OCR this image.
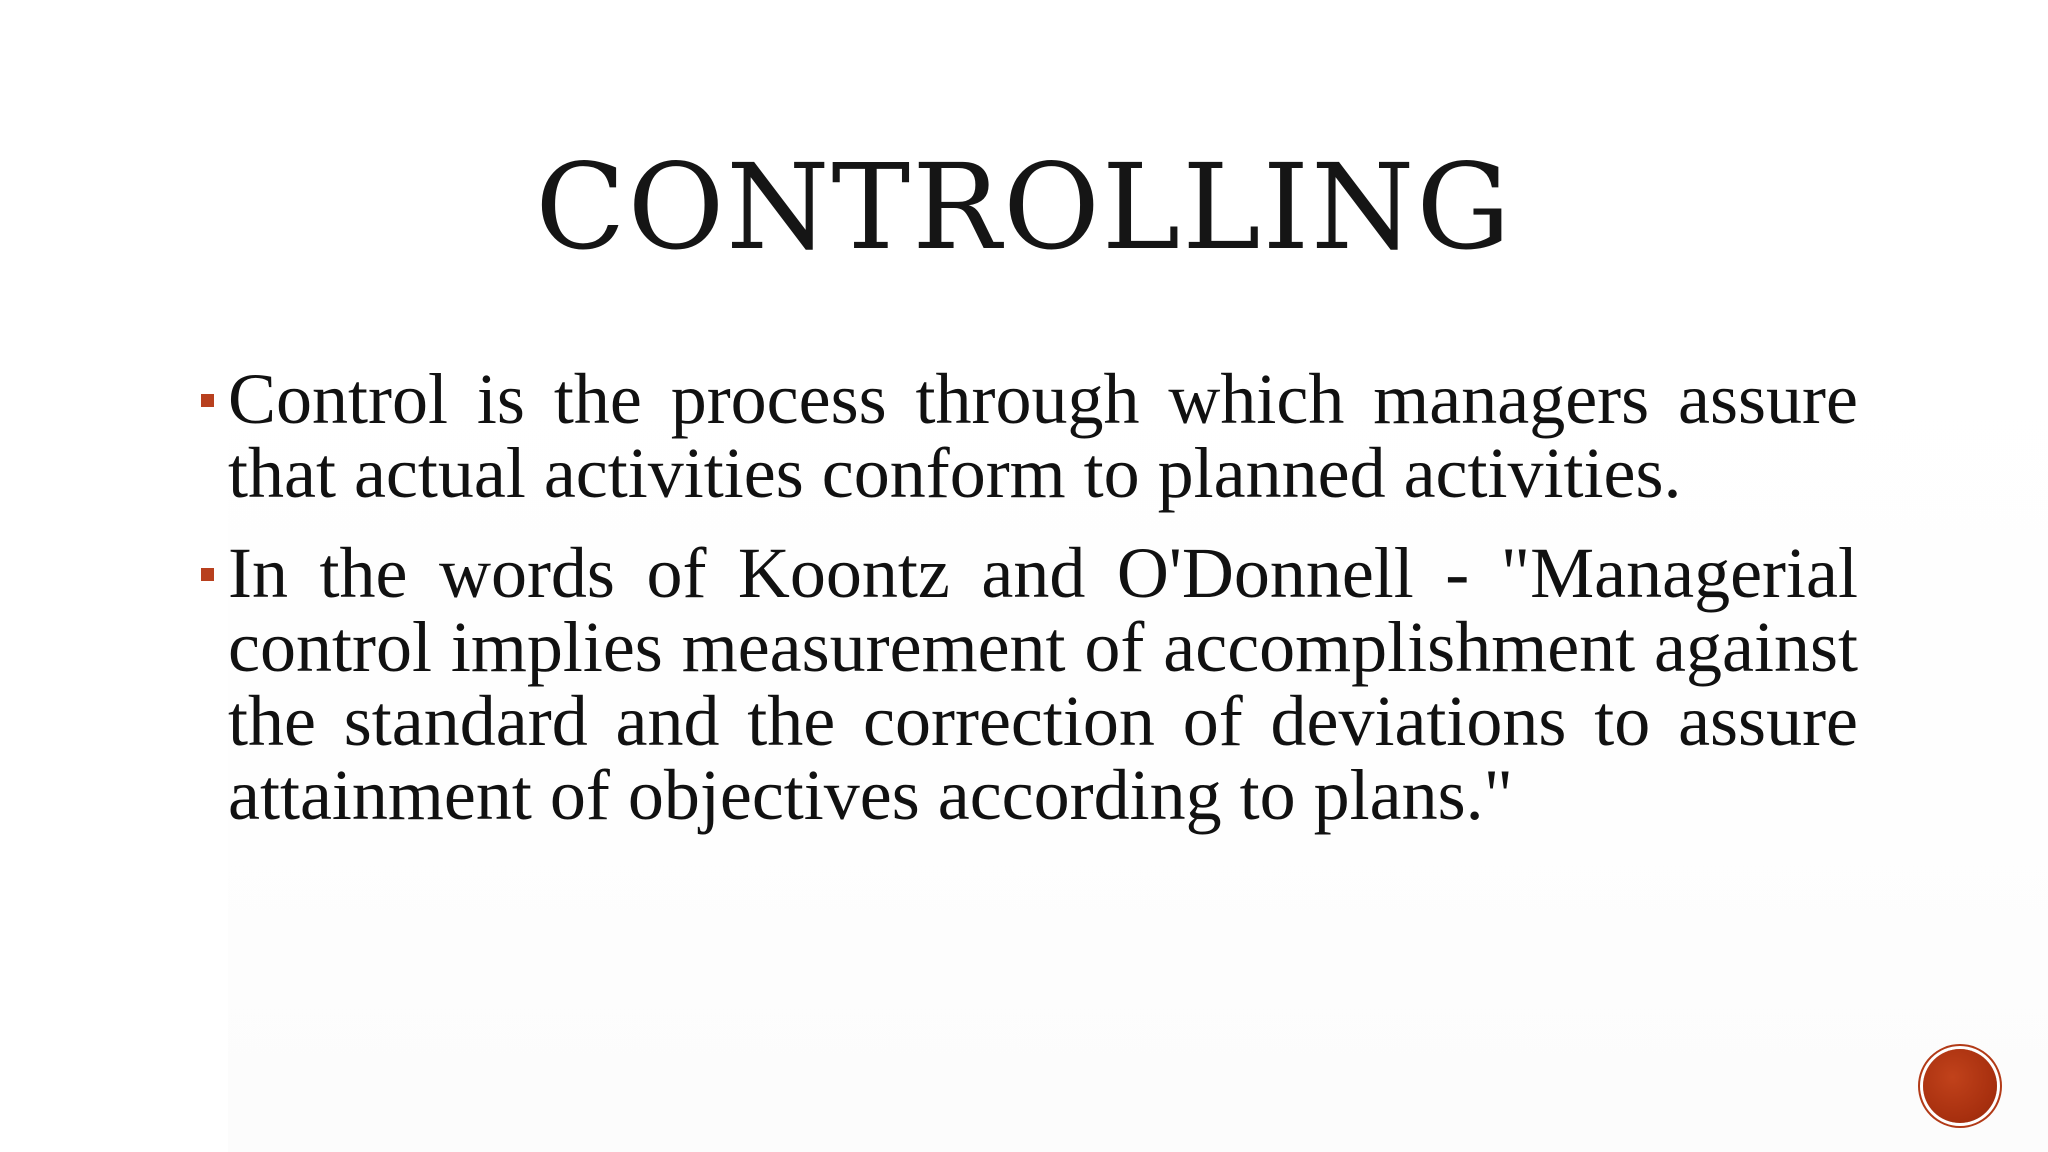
CONTROLLING
Control is the process through which managers assure that actual activities conform to planned activities.
In the words of Koontz and O'Donnell - "Managerial control implies measurement of accomplishment against the standard and the correction of deviations to assure attainment of objectives according to plans."
